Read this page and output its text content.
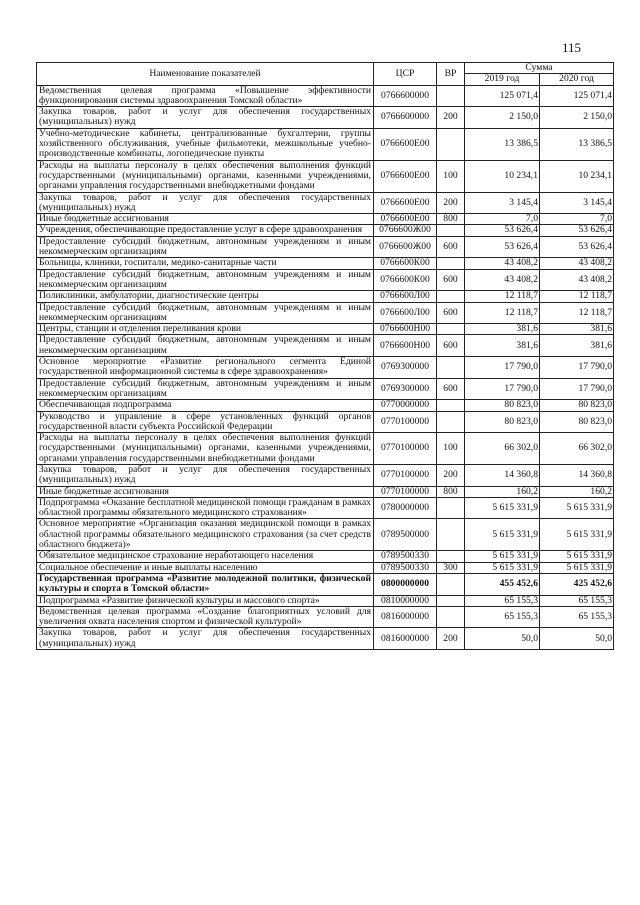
115
Наименование показателей	ЦСР	ВР	Сумма	
			2019 год	2020 год
Ведомственная целевая программа «Повышение эффективности функционирования системы здравоохранения Томской области»	0766600000		125 071,4	125 071,4
Закупка товаров, работ и услуг для обеспечения государственных (муниципальных) нужд	0766600000	200	2 150,0	2 150,0
Учебно-методические кабинеты, централизованные бухгалтерии, группы хозяйственного обслуживания, учебные фильмотеки, межшкольные учебно-производственные комбинаты, логопедические пункты	0766600Е00		13 386,5	13 386,5
Расходы на выплаты персоналу в целях обеспечения выполнения функций государственными (муниципальными) органами, казенными учреждениями, органами управления государственными внебюджетными фондами	0766600Е00	100	10 234,1	10 234,1
Закупка товаров, работ и услуг для обеспечения государственных (муниципальных) нужд	0766600Е00	200	3 145,4	3 145,4
Иные бюджетные ассигнования	0766600Е00	800	7,0	7,0
Учреждения, обеспечивающие предоставление услуг в сфере здравоохранения	0766600Ж00		53 626,4	53 626,4
Предоставление субсидий бюджетным, автономным учреждениям и иным некоммерческим организациям	0766600Ж00	600	53 626,4	53 626,4
Больницы, клиники, госпитали, медико-санитарные части	0766600К00		43 408,2	43 408,2
Предоставление субсидий бюджетным, автономным учреждениям и иным некоммерческим организациям	0766600К00	600	43 408,2	43 408,2
Поликлиники, амбулатории, диагностические центры	0766600Л00		12 118,7	12 118,7
Предоставление субсидий бюджетным, автономным учреждениям и иным некоммерческим организациям	0766600Л00	600	12 118,7	12 118,7
Центры, станции и отделения переливания крови	0766600Н00		381,6	381,6
Предоставление субсидий бюджетным, автономным учреждениям и иным некоммерческим организациям	0766600Н00	600	381,6	381,6
Основное мероприятие «Развитие регионального сегмента Единой государственной информационной системы в сфере здравоохранения»	0769300000		17 790,0	17 790,0
Предоставление субсидий бюджетным, автономным учреждениям и иным некоммерческим организациям	0769300000	600	17 790,0	17 790,0
Обеспечивающая подпрограмма	0770000000		80 823,0	80 823,0
Руководство и управление в сфере установленных функций органов государственной власти субъекта Российской Федерации	0770100000		80 823,0	80 823,0
Расходы на выплаты персоналу в целях обеспечения выполнения функций государственными (муниципальными) органами, казенными учреждениями, органами управления государственными внебюджетными фондами	0770100000	100	66 302,0	66 302,0
Закупка товаров, работ и услуг для обеспечения государственных (муниципальных) нужд	0770100000	200	14 360,8	14 360,8
Иные бюджетные ассигнования	0770100000	800	160,2	160,2
Подпрограмма «Оказание бесплатной медицинской помощи гражданам в рамках областной программы обязательного медицинского страхования»	0780000000		5 615 331,9	5 615 331,9
Основное мероприятие «Организация оказания медицинской помощи в рамках областной программы обязательного медицинского страхования (за счет средств областного бюджета)»	0789500000		5 615 331,9	5 615 331,9
Обязательное медицинское страхование неработающего населения	0789500330		5 615 331,9	5 615 331,9
Социальное обеспечение и иные выплаты населению	0789500330	300	5 615 331,9	5 615 331,9
Государственная программа «Развитие молодежной политики, физической культуры и спорта в Томской области»	0800000000		455 452,6	425 452,6
Подпрограмма «Развитие физической культуры и массового спорта»	0810000000		65 155,3	65 155,3
Ведомственная целевая программа «Создание благоприятных условий для увеличения охвата населения спортом и физической культурой»	0816000000		65 155,3	65 155,3
Закупка товаров, работ и услуг для обеспечения государственных (муниципальных) нужд	0816000000	200	50,0	50,0
